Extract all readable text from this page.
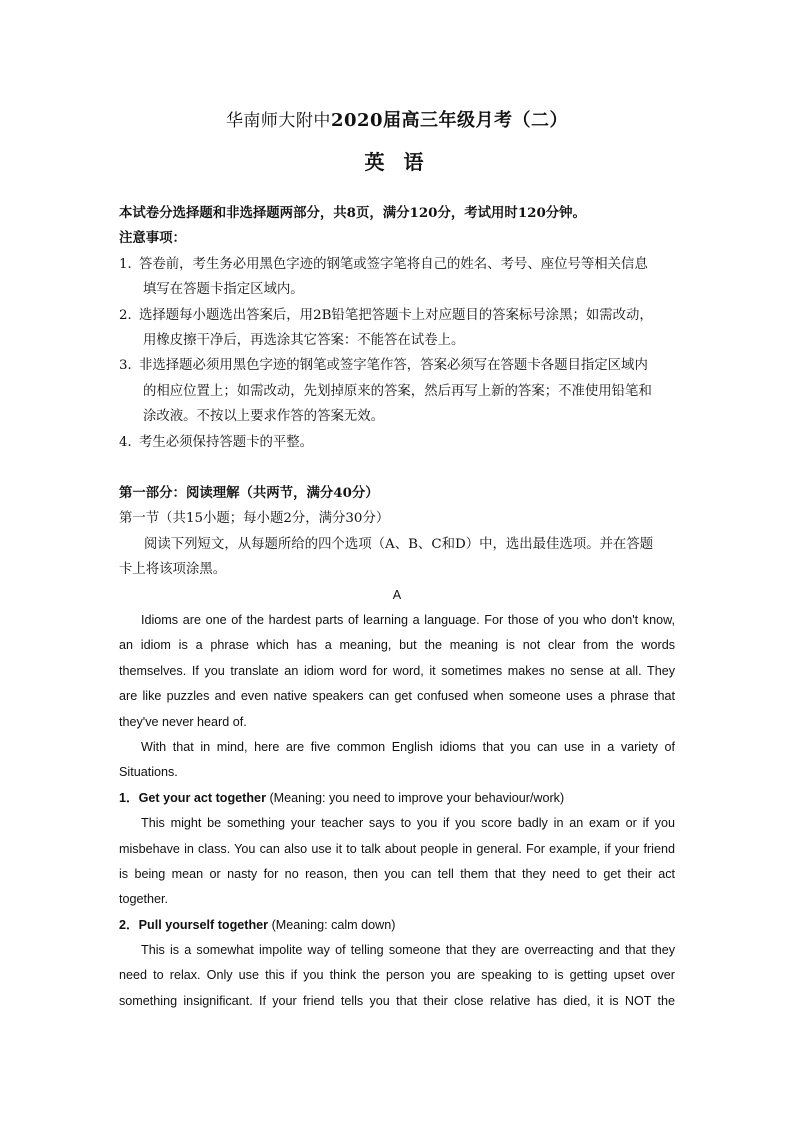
华南师大附中2020届高三年级月考（二）
英 语
本试卷分选择题和非选择题两部分，共8页，满分120分，考试用时120分钟。
注意事项：
1．答卷前，考生务必用黑色字迹的钢笔或签字笔将自己的姓名、考号、座位号等相关信息
填写在答题卡指定区域内。
2．选择题每小题选出答案后，用2B铅笔把答题卡上对应题目的答案标号涂黑；如需改动，
用橡皮擦干净后，再选涂其它答案：不能答在试卷上。
3．非选择题必须用黑色字迹的钢笔或签字笔作答，答案必须写在答题卡各题目指定区域内
的相应位置上；如需改动，先划掉原来的答案，然后再写上新的答案；不准使用铅笔和
涂改液。不按以上要求作答的答案无效。
4．考生必须保持答题卡的平整。
第一部分：阅读理解（共两节，满分40分）
第一节（共15小题；每小题2分，满分30分）
阅读下列短文，从每题所给的四个选项（A、B、C和D）中，选出最佳选项。并在答题
卡上将该项涂黑。
A
Idioms are one of the hardest parts of learning a language. For those of you who don't know,
an idiom is a phrase which has a meaning, but the meaning is not clear from the words
themselves. If you translate an idiom word for word, it sometimes makes no sense at all. They
are like puzzles and even native speakers can get confused when someone uses a phrase that
they've never heard of.
With that in mind, here are five common English idioms that you can use in a variety of
Situations.
1．Get your act together (Meaning: you need to improve your behaviour/work)
This might be something your teacher says to you if you score badly in an exam or if you
misbehave in class. You can also use it to talk about people in general. For example, if your friend
is being mean or nasty for no reason, then you can tell them that they need to get their act
together.
2．Pull yourself together (Meaning: calm down)
This is a somewhat impolite way of telling someone that they are overreacting and that they
need to relax. Only use this if you think the person you are speaking to is getting upset over
something insignificant. If your friend tells you that their close relative has died, it is NOT the
